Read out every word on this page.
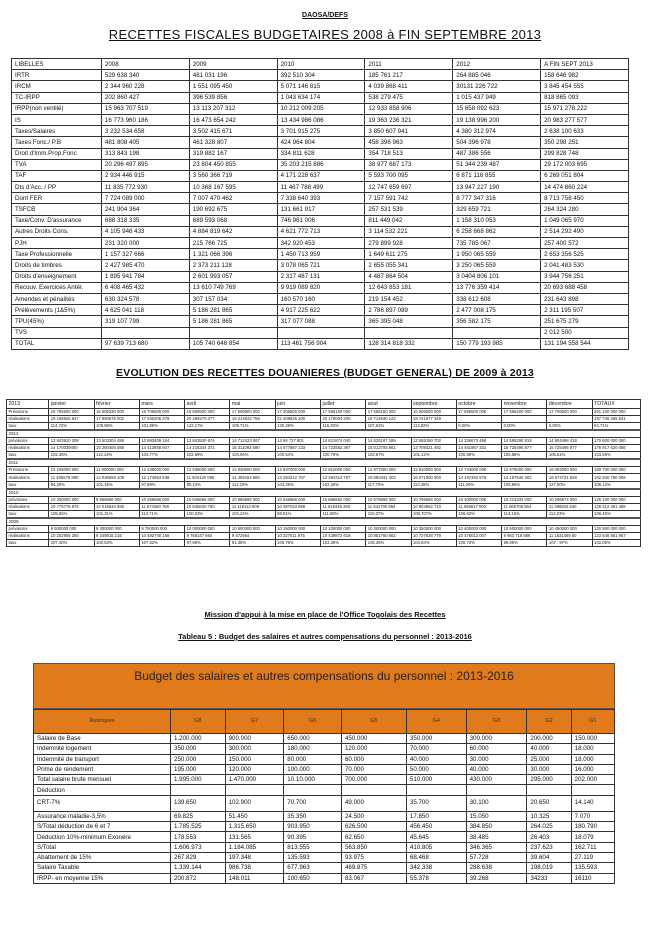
DAOSA/DEFS
RECETTES FISCALES BUDGETAIRES 2008 à FIN SEPTEMBRE 2013
LIBELLES	2008	2009	2010	2011	2012	A FIN SEPT 2013
IRTR	529 638 340	481 031 196	392 510 304	185 761 217	264 885 046	158 646 982
IRCM	2 344 960 228	1 551 095 450	5 071 146 815	4 039 868 411	30131 226 722	3 845 454 555
TC-IRPP	202 860 427	396 539 856	1 043 634 174	538 279 475	1 015 437 949	818 865 093
IRPP(non ventilé)	15 963 707 519	13 113 207 312	10 212 009 205	12 933 858 906	15 658 092 623	15 971 278 222
IS	16 773 960 186	16 473 654 242	13 434 986 086	19 363 236 321	19 138 996 200	20 983 277 577
Taxes/Salaires	3 232 534 658	3 502 415 671	3 701 915 275	3 850 607 941	4 380 312 974	2 638 100 633
Taxes Fonc./ P.B	481 808 405	461 328 807	424 964 804	458 396 963	504 396 978	350 298 251
Droit d'Imm.Prop.Fonc	313 843 198	319 882 167	334 811 628	354 718 513	487 386 556	299 828 748
TVA	20 296 497 895	23 804 450 855	35 203 215 886	38 977 687 173	51 344 239 487	29 172 003 695
TAF	2 934 446 915	3 560 366 719	4 171 228 637	5 593 700 095	6 871 116 855	6 269 051 804
Dts d'Acc. / PP	11 835 772 930	10 368 167 595	11 467 788 499	12 747 659 697	13 947 227 190	14 474 860 224
Dont FER	7 724 089 000	7 007 470 462	7 338 640 393	7 157 591 742	8 777 347 316	8 713 758 450
TSFCB	241 904 364	190 692 675	131 661 917	257 531 539	329 659 721	264 324 280
Taxe/Conv. D'assurance	688 318 335	689 593 068	746 961 006	811 449 042	1 158 310 053	1 049 065 970
Autres Droits Cons.	4 105 946 433	4 884 819 642	4 621 772 713	3 114 532 221	6 258 668 862	2 514 292 490
PJH	231 320 000	215 766 725	342 920 453	279 899 928	735 785 067	257 400 572
Taxe Professionnelle	1 157 327 666	1 321 066 396	1 450 713 959	1 649 611 275	1 950 065 559	2 653 356 525
Droits de timbres	2 427 985 470	2 373 211 128	3 078 065 721	2 655 055 341	3 250 065 559	2 041 483 530
Droits d'enseignement	1 895 941 784	2 601 993 057	2 317 487 131	4 487 864 504	3 0404 806 101	3 944 756 251
Recouv. Exercices Antér.	6 408 465 432	13 610 749 769	9 919 089 820	12 643 853 181	13 776 359 414	20 693 688 458
Amendes et pénalités	630 324 578	307 157 034	160 570 160	219 154 452	338 612 608	231 643 898
Prélèvements (1&5%)	4 625 041 118	5 186 281 865	4 917 225 622	2 786 897 089	2 477 008 175	2 311 195 507
TPU(45%)	319 107 799	5 186 281 865	317 077 088	365 395 048	356 582 175	251 675 279
TVS						2 012 500
TOTAL	97 639 713 680	105 740 646 854	113 461 756 904	128 314 818 332	150 779 193 985	131 194 558 544
EVOLUTION DES RECETTES DOUANIERES (BUDGET GENERAL) DE 2009 à 2013
2013	janvier	février	mars	avril	mai	juin	juillet	aout	septembre	octobre	novembre	décembre	TOTAUX
Prévisions	16 706500 000	16 506330 000	16 706500 000	16 606500 000	17 506500 000	17 306500 000	17 556150 000	17 556150 000	16 506500 000	17 556500 000	17 556400 000	17 706500 000	201 100 000 000
réalisations	19 166625 847	17 990676 002	17 040206 378	20 289370 077	19 214022 756	22 409625 200	20 170004 200	18 714930 122	18 741977 349				157 746 285 831
taux	114,72%	108,88%	101,99%	122,17%	109,71%	130,28%	116,30%	107,62%	113,82%	0,00%	0,00%	0,00%	84,71%
2012													
prévisions	13 843910 208	13 503304 486	13 883409 164	13 843530 674	14 712423 067	14 56 727 801	14 621874 040	14 625187 189	13 555190 702	14 336673 468	14 595290 818	14 904498 418	170 600 000 000
réalisations	14 170039480	15 260405 088	14 413658 607	14 216344 372	15 311093 590	14 677887 133	14 723582 387	15 013705 561	13 708421 492	14 461957 331	15 725495 877	15 725495 877	176 917 620 066
taux	102,36%	113,14%	103,77%	102,69%	104,06%	100,54%	100,70%	102,67%	101,12%	100,88%	105,88%	105,51%	103,58%
2011													
Prévisions	12 108000 000	11 900000 000	12 438000 000	12 538000 000	12 848000 000	12 837000 000	12 812000 000	12 877000 000	12 810000 000	12 743000 000	12 676000 000	16 083000 000	160 700 000 000
réalisations	11 405579 880	12 036559 109	12 174653 538	11 504120 096	14 459154 880	13 294312 707	13 294312 707	15 093431 403	16 071000 000	14 197492 576	14 157540 302	16 574731 828	162 940 780 006
taux	94,20%	101,15%	97,88%	90,23%	112,10%	103,28%	102,30%	117,70%	113,45%	111,26%	108,85%	127,00%	106,12%
2010													
prévisions	10 200000 000	9 866666 000	10 266666 000	10 646666 000	10 666666 000	10 646666 000	10 666662 000	10 676666 000	10 766666 000	10 400000 000	10 213332 000	10 266674 000	126 100 000 000
réalisations	10 778778 876	10 015834 868	11 674280 768	10 645630 760	11 119113 809	10 487033 888	11 819446 260	11 841700 884	10 803562 710	11 055627 000	11 865708 884	11 486832 540	128 212 481 488
taux	105,65%	101,31%	113,71%	100,03%	104,24%	98,51%	111,68%	110,07%	100,707%	106,63%	114,16%	112,23%	106,45%
2009													
prévisions	9 500000 000	9 300000 000	9 750000 000	10 000000 000	10 500000 000	10 150000 000	10 100000 000	10 300000 000	10 350000 000	10 400000 000	10 500000 000	10 450000 000	120 900 000 000
réalisations	10 202906 260	9 349815 215	10 482740 168	9 768147 664	9 472664	10 227511 875	10 439872 618	10 851760 662	10 727638 779	10 476012 007	9 963 718 886	11 1831469 60	123 848 851 967
taux	107,40%	100,53%	107,52%	97,68%	91,35%	100,76%	103,36%	105,36%	104,64%	100,73%	95,85%	107 ; 97%	102,05%
Mission d'appui à la mise en place de l'Office Togolais des Recettes
Tableau 5 : Budget des salaires et autres compensations du personnel : 2013-2016
Budget des salaires et autres compensations du personnel : 2013-2016
Rubriques	G8	G7	G6	G5	G4	G3	G2	G1
Salaire de Base	1.200.000	900.000	650.000	450.000	350.000	300.000	200.000	150.000
Indemnité logement	350.000	300.000	180.000	120.000	70.000	60.000	40.000	18.000
Indemnité de transport	250.000	150.000	80.000	60.000	40.000	30.000	25.000	18.000
Prime de rendement	195.000	120.000	100.000	70.000	50.000	40.000	30.000	16.000
Total salaire brute mensuel	1.995.000	1.470.000	10.10.000	700.000	510.000	430.000	295.000	202.000
Déduction								
CRT-7%	139.650	102.900	70.700	49.000	35.700	30.100	20.650	14.140
Assurance maladie-3,5%	69.825	51.450	35.350	24.500	17.850	15.050	10.325	7.070
S/Total déduction de 6 et 7	1.785.525	1.315.650	903.950	626.500	456.450	384.850	264.025	180.790
Déduction 10%-minimum Exonére	178.553	131.565	90.395	62.650	45.645	38.485	26.403	18.079
S/Total	1.606.973	1.184.085	813.555	563.850	410.805	346.365	237.623	162.711
Abattement de 15%	267.829	197.348	135.593	93.975	68.468	57.728	39.604	27.119
Salaire Taxable	1.339.144	986.738	677.963	469.875	342.338	288.638	198.019	135.593
IRPP- en moyenne 15%	200.872	148.011	100.650	83.067	55.378	39.268	34233	16110
